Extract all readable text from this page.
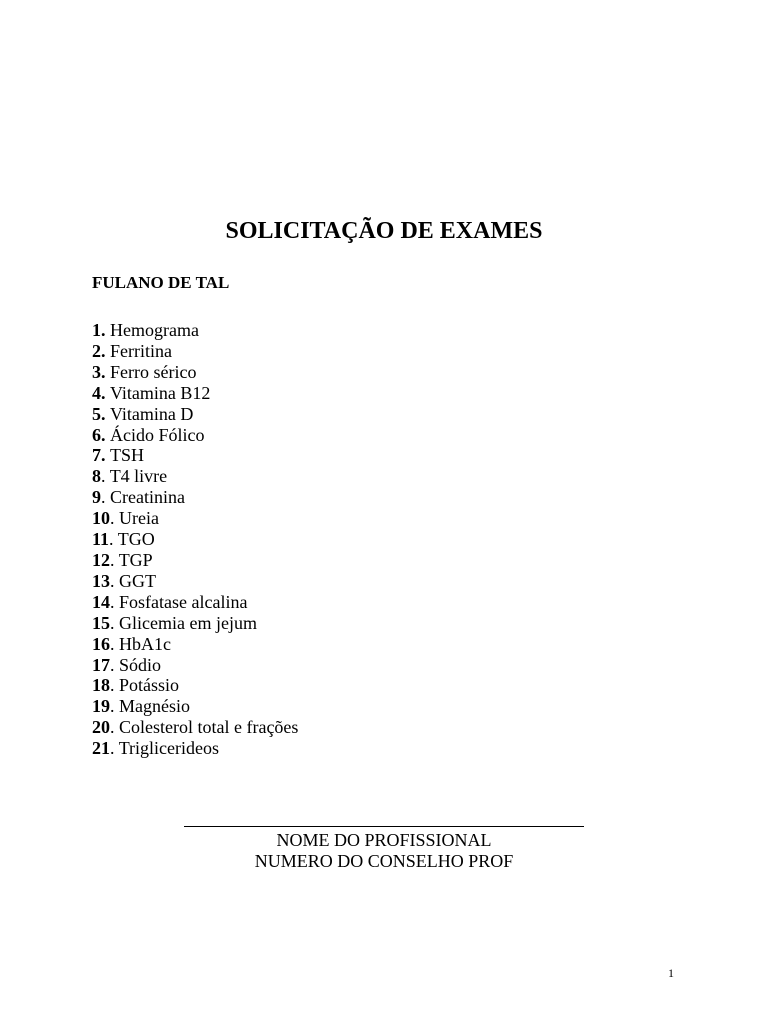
SOLICITAÇÃO DE EXAMES

FULANO DE TAL

1. Hemograma
2. Ferritina
3. Ferro sérico
4. Vitamina B12
5. Vitamina D
6. Ácido Fólico
7. TSH
8. T4 livre
9. Creatinina
10. Ureia
11. TGO
12. TGP
13. GGT
14. Fosfatase alcalina
15. Glicemia em jejum
16. HbA1c
17. Sódio
18. Potássio
19. Magnésio
20. Colesterol total e frações
21. Triglicerideos

NOME DO PROFISSIONAL

NUMERO DO CONSELHO PROF

1
